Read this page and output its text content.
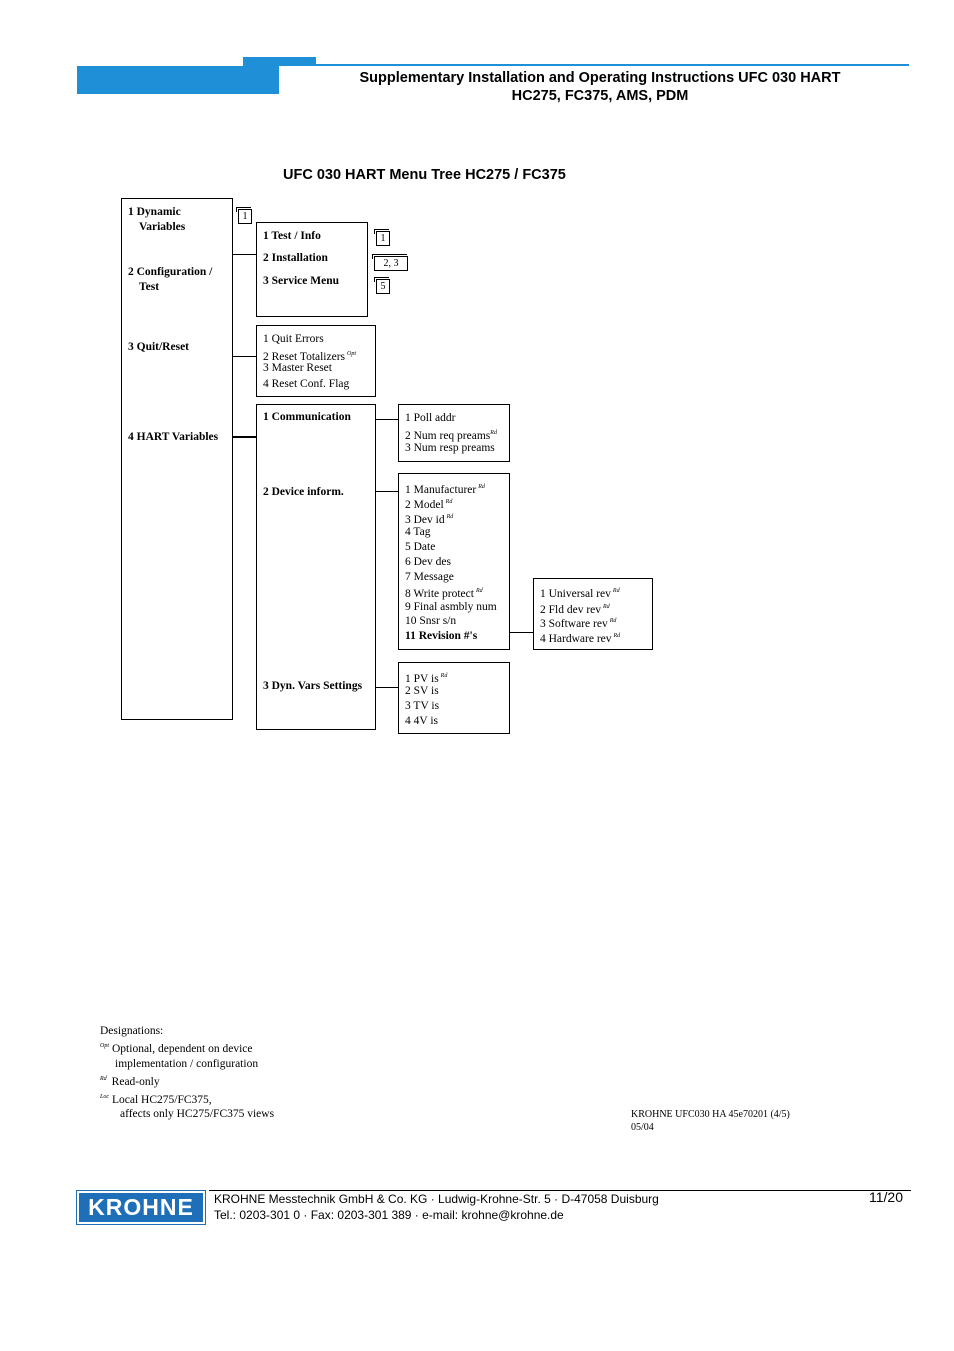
Supplementary Installation and Operating Instructions UFC 030 HART
HC275, FC375, AMS, PDM
UFC 030 HART Menu Tree HC275 / FC375
1 Dynamic
Variables
2 Configuration /
Test
3 Quit/Reset
4 HART Variables
1
1 Test / Info
2 Installation
3 Service Menu
1
2, 3
5
1 Quit Errors
2 Reset Totalizers $^{Opt}$
3 Master Reset
4 Reset Conf. Flag
1 Communication
2 Device inform.
3 Dyn. Vars Settings
1 Poll addr
2 Num req preams$^{Rd}$
3 Num resp preams
1 Manufacturer $^{Rd}$
2 Model $^{Rd}$
3 Dev id $^{Rd}$
4 Tag
5 Date
6 Dev des
7 Message
8 Write protect $^{Rd}$
9 Final asmbly num
10 Snsr s/n
11 Revision #'s
1 Universal rev $^{Rd}$
2 Fld dev rev $^{Rd}$
3 Software rev $^{Rd}$
4 Hardware rev $^{Rd}$
1 PV is $^{Rd}$
2 SV is
3 TV is
4 4V is
Designations:
$^{Opt}$ Optional, dependent on device
implementation / configuration
$^{Rd}$ Read-only
$^{Loc}$ Local HC275/FC375,
affects only HC275/FC375 views	KROHNE UFC030 HA 45e70201 (4/5)
05/04
KROHNE	KROHNE Messtechnik GmbH & Co. KG · Ludwig-Krohne-Str. 5 · D-47058 Duisburg
Tel.: 0203-301 0 · Fax: 0203-301 389 · e-mail: krohne@krohne.de
11/20
